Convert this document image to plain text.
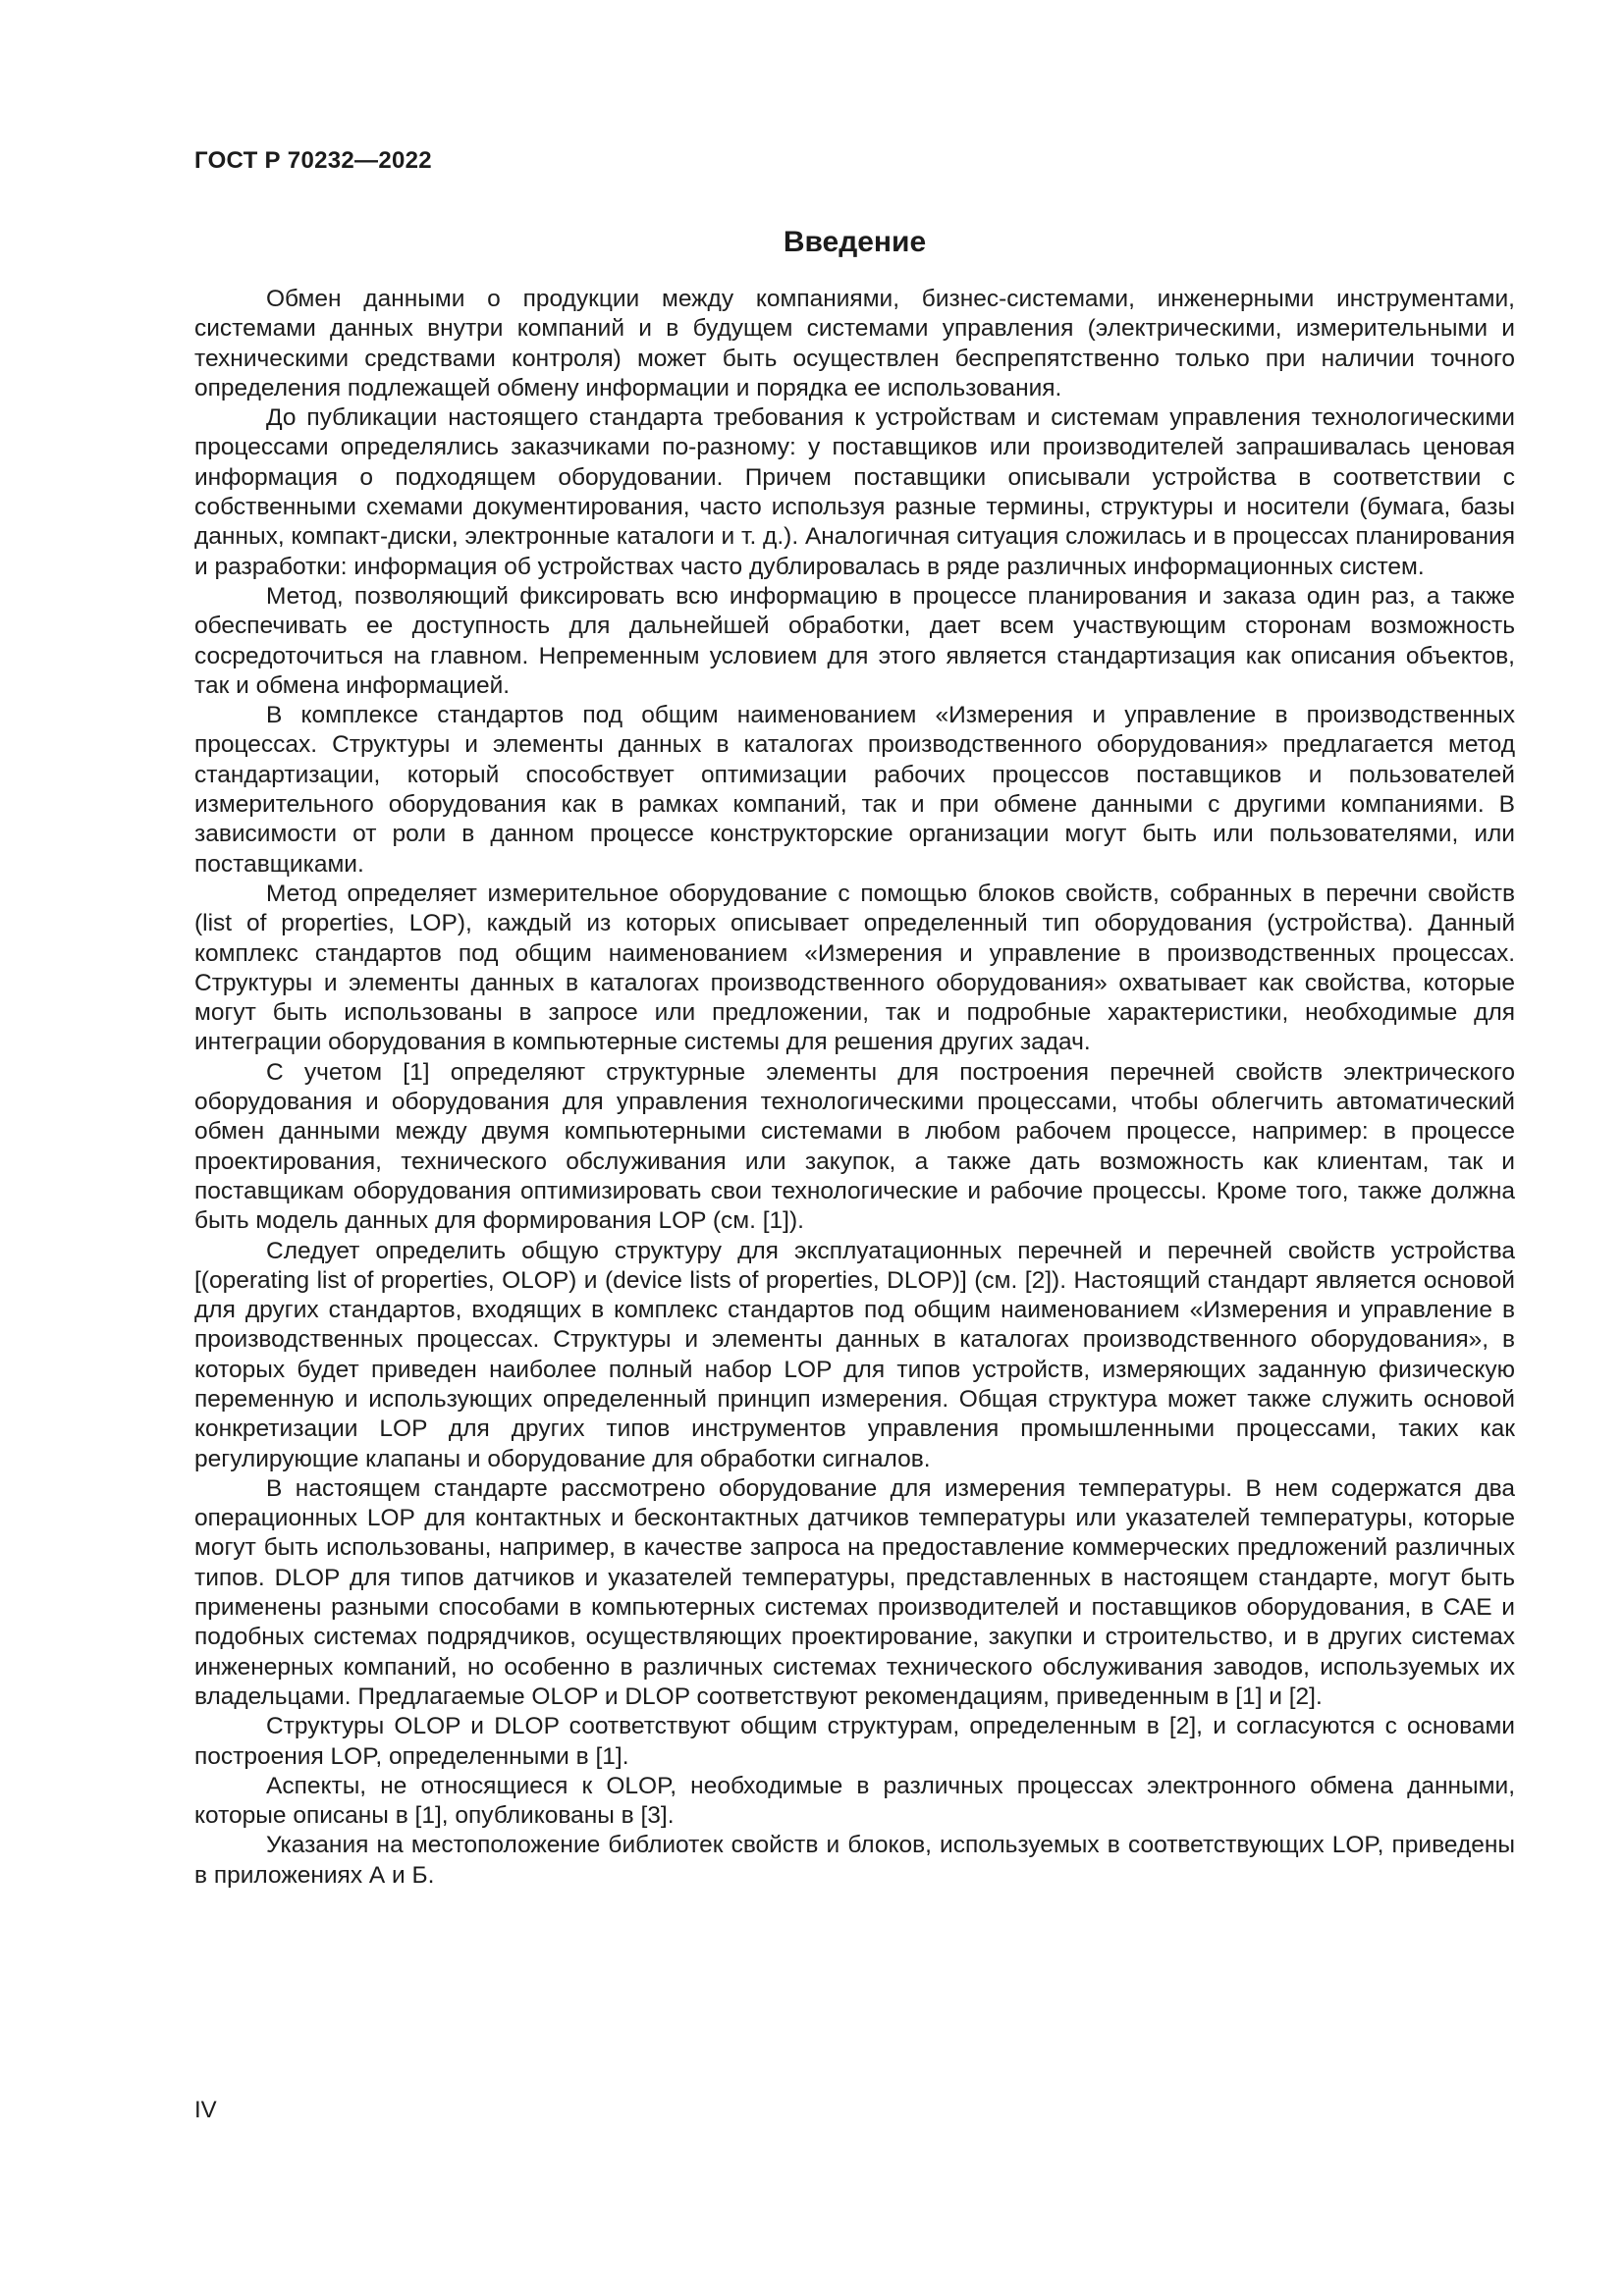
ГОСТ Р 70232—2022
Введение

Обмен данными о продукции между компаниями, бизнес-системами, инженерными инструментами, системами данных внутри компаний и в будущем системами управления (электрическими, измерительными и техническими средствами контроля) может быть осуществлен беспрепятственно только при наличии точного определения подлежащей обмену информации и порядка ее использования.

До публикации настоящего стандарта требования к устройствам и системам управления технологическими процессами определялись заказчиками по-разному: у поставщиков или производителей запрашивалась ценовая информация о подходящем оборудовании. Причем поставщики описывали устройства в соответствии с собственными схемами документирования, часто используя разные термины, структуры и носители (бумага, базы данных, компакт-диски, электронные каталоги и т. д.). Аналогичная ситуация сложилась и в процессах планирования и разработки: информация об устройствах часто дублировалась в ряде различных информационных систем.

Метод, позволяющий фиксировать всю информацию в процессе планирования и заказа один раз, а также обеспечивать ее доступность для дальнейшей обработки, дает всем участвующим сторонам возможность сосредоточиться на главном. Непременным условием для этого является стандартизация как описания объектов, так и обмена информацией.

В комплексе стандартов под общим наименованием «Измерения и управление в производственных процессах. Структуры и элементы данных в каталогах производственного оборудования» предлагается метод стандартизации, который способствует оптимизации рабочих процессов поставщиков и пользователей измерительного оборудования как в рамках компаний, так и при обмене данными с другими компаниями. В зависимости от роли в данном процессе конструкторские организации могут быть или пользователями, или поставщиками.

Метод определяет измерительное оборудование с помощью блоков свойств, собранных в перечни свойств (list of properties, LOP), каждый из которых описывает определенный тип оборудования (устройства). Данный комплекс стандартов под общим наименованием «Измерения и управление в производственных процессах. Структуры и элементы данных в каталогах производственного оборудования» охватывает как свойства, которые могут быть использованы в запросе или предложении, так и подробные характеристики, необходимые для интеграции оборудования в компьютерные системы для решения других задач.

С учетом [1] определяют структурные элементы для построения перечней свойств электрического оборудования и оборудования для управления технологическими процессами, чтобы облегчить автоматический обмен данными между двумя компьютерными системами в любом рабочем процессе, например: в процессе проектирования, технического обслуживания или закупок, а также дать возможность как клиентам, так и поставщикам оборудования оптимизировать свои технологические и рабочие процессы. Кроме того, также должна быть модель данных для формирования LOP (см. [1]).

Следует определить общую структуру для эксплуатационных перечней и перечней свойств устройства [(operating list of properties, OLOP) и (device lists of properties, DLOP)] (см. [2]). Настоящий стандарт является основой для других стандартов, входящих в комплекс стандартов под общим наименованием «Измерения и управление в производственных процессах. Структуры и элементы данных в каталогах производственного оборудования», в которых будет приведен наиболее полный набор LOP для типов устройств, измеряющих заданную физическую переменную и использующих определенный принцип измерения. Общая структура может также служить основой конкретизации LOP для других типов инструментов управления промышленными процессами, таких как регулирующие клапаны и оборудование для обработки сигналов.

В настоящем стандарте рассмотрено оборудование для измерения температуры. В нем содержатся два операционных LOP для контактных и бесконтактных датчиков температуры или указателей температуры, которые могут быть использованы, например, в качестве запроса на предоставление коммерческих предложений различных типов. DLOP для типов датчиков и указателей температуры, представленных в настоящем стандарте, могут быть применены разными способами в компьютерных системах производителей и поставщиков оборудования, в САЕ и подобных системах подрядчиков, осуществляющих проектирование, закупки и строительство, и в других системах инженерных компаний, но особенно в различных системах технического обслуживания заводов, используемых их владельцами. Предлагаемые OLOP и DLOP соответствуют рекомендациям, приведенным в [1] и [2].

Структуры OLOP и DLOP соответствуют общим структурам, определенным в [2], и согласуются с основами построения LOP, определенными в [1].

Аспекты, не относящиеся к OLOP, необходимые в различных процессах электронного обмена данными, которые описаны в [1], опубликованы в [3].

Указания на местоположение библиотек свойств и блоков, используемых в соответствующих LOP, приведены в приложениях А и Б.

IV
